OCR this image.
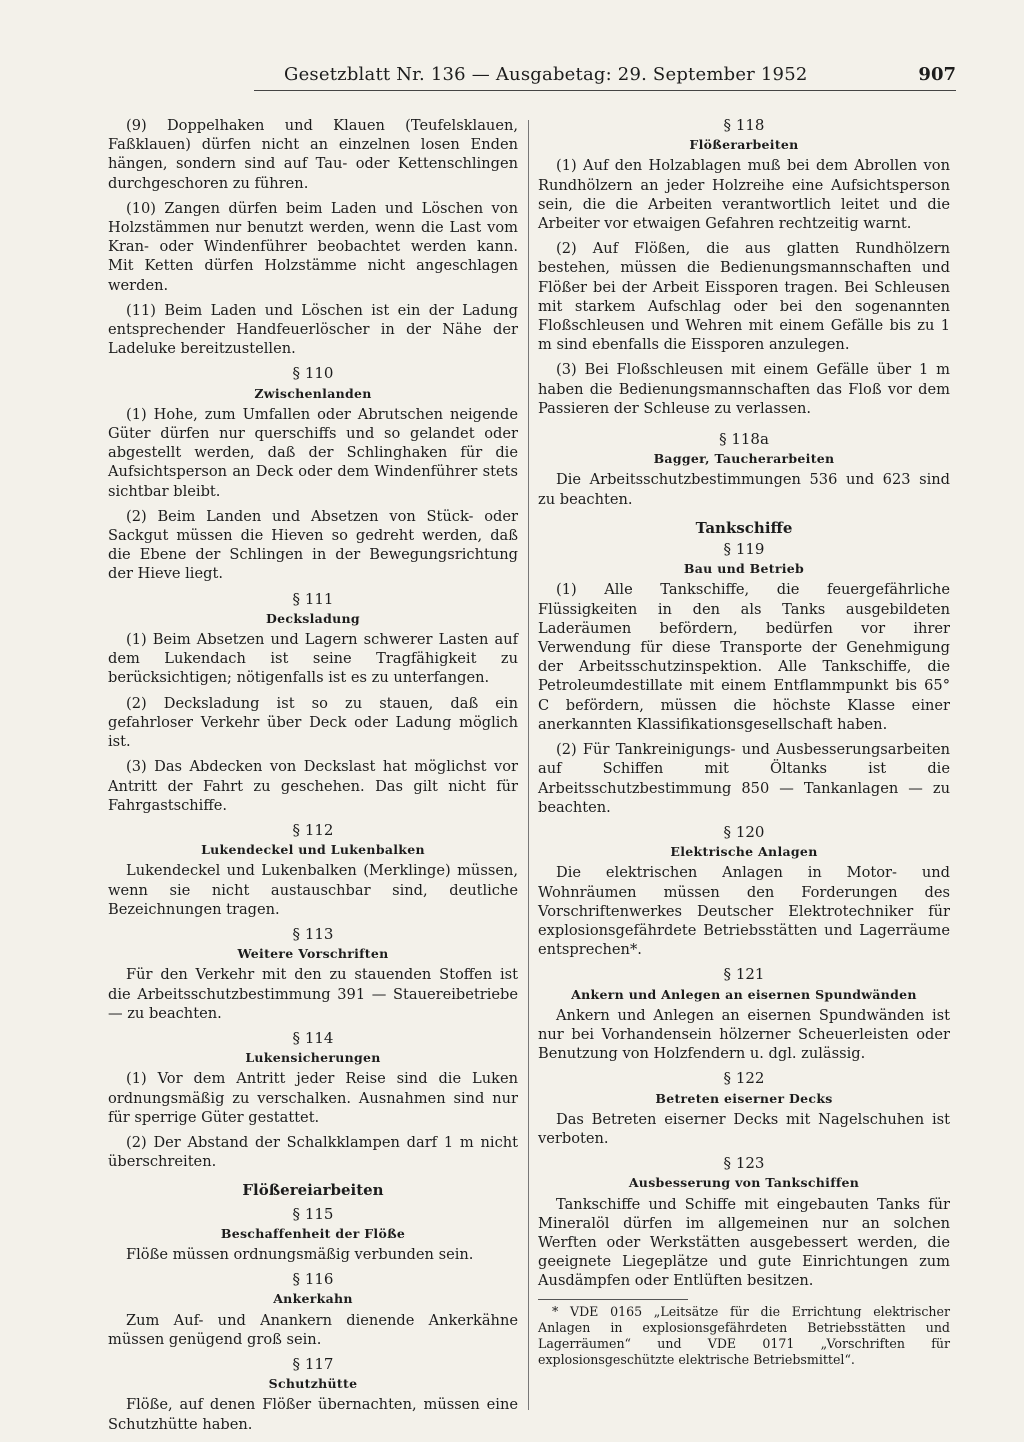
Gesetzblatt Nr. 136 — Ausgabetag: 29. September 1952	907

(9) Doppelhaken und Klauen (Teufelsklauen, Faßklauen) dürfen nicht an einzelnen losen Enden hängen, sondern sind auf Tau- oder Kettenschlingen durchgeschoren zu führen.

(10) Zangen dürfen beim Laden und Löschen von Holzstämmen nur benutzt werden, wenn die Last vom Kran- oder Windenführer beobachtet werden kann. Mit Ketten dürfen Holzstämme nicht angeschlagen werden.

(11) Beim Laden und Löschen ist ein der Ladung entsprechender Handfeuerlöscher in der Nähe der Ladeluke bereitzustellen.

§ 110
Zwischenlanden

(1) Hohe, zum Umfallen oder Abrutschen neigende Güter dürfen nur querschiffs und so gelandet oder abgestellt werden, daß der Schlinghaken für die Aufsichtsperson an Deck oder dem Windenführer stets sichtbar bleibt.

(2) Beim Landen und Absetzen von Stück- oder Sackgut müssen die Hieven so gedreht werden, daß die Ebene der Schlingen in der Bewegungsrichtung der Hieve liegt.

§ 111
Decksladung

(1) Beim Absetzen und Lagern schwerer Lasten auf dem Lukendach ist seine Tragfähigkeit zu berücksichtigen; nötigenfalls ist es zu unterfangen.

(2) Decksladung ist so zu stauen, daß ein gefahrloser Verkehr über Deck oder Ladung möglich ist.

(3) Das Abdecken von Deckslast hat möglichst vor Antritt der Fahrt zu geschehen. Das gilt nicht für Fahrgastschiffe.

§ 112
Lukendeckel und Lukenbalken

Lukendeckel und Lukenbalken (Merklinge) müssen, wenn sie nicht austauschbar sind, deutliche Bezeichnungen tragen.

§ 113
Weitere Vorschriften

Für den Verkehr mit den zu stauenden Stoffen ist die Arbeitsschutzbestimmung 391 — Stauereibetriebe — zu beachten.

§ 114
Lukensicherungen

(1) Vor dem Antritt jeder Reise sind die Luken ordnungsmäßig zu verschalken. Ausnahmen sind nur für sperrige Güter gestattet.

(2) Der Abstand der Schalkklampen darf 1 m nicht überschreiten.

Flößereiarbeiten
§ 115
Beschaffenheit der Flöße

Flöße müssen ordnungsmäßig verbunden sein.

§ 116
Ankerkahn

Zum Auf- und Anankern dienende Ankerkähne müssen genügend groß sein.

§ 117
Schutzhütte

Flöße, auf denen Flößer übernachten, müssen eine Schutzhütte haben.

§ 118
Flößerarbeiten

(1) Auf den Holzablagen muß bei dem Abrollen von Rundhölzern an jeder Holzreihe eine Aufsichtsperson sein, die die Arbeiten verantwortlich leitet und die Arbeiter vor etwaigen Gefahren rechtzeitig warnt.

(2) Auf Flößen, die aus glatten Rundhölzern bestehen, müssen die Bedienungsmannschaften und Flößer bei der Arbeit Eissporen tragen. Bei Schleusen mit starkem Aufschlag oder bei den sogenannten Floßschleusen und Wehren mit einem Gefälle bis zu 1 m sind ebenfalls die Eissporen anzulegen.

(3) Bei Floßschleusen mit einem Gefälle über 1 m haben die Bedienungsmannschaften das Floß vor dem Passieren der Schleuse zu verlassen.

§ 118a
Bagger, Taucherarbeiten

Die Arbeitsschutzbestimmungen 536 und 623 sind zu beachten.

Tankschiffe
§ 119
Bau und Betrieb

(1) Alle Tankschiffe, die feuergefährliche Flüssigkeiten in den als Tanks ausgebildeten Laderäumen befördern, bedürfen vor ihrer Verwendung für diese Transporte der Genehmigung der Arbeitsschutzinspektion. Alle Tankschiffe, die Petroleumdestillate mit einem Entflammpunkt bis 65° C befördern, müssen die höchste Klasse einer anerkannten Klassifikationsgesellschaft haben.

(2) Für Tankreinigungs- und Ausbesserungsarbeiten auf Schiffen mit Öltanks ist die Arbeitsschutzbestimmung 850 — Tankanlagen — zu beachten.

§ 120
Elektrische Anlagen

Die elektrischen Anlagen in Motor- und Wohnräumen müssen den Forderungen des Vorschriftenwerkes Deutscher Elektrotechniker für explosionsgefährdete Betriebsstätten und Lagerräume entsprechen*.

§ 121
Ankern und Anlegen an eisernen Spundwänden

Ankern und Anlegen an eisernen Spundwänden ist nur bei Vorhandensein hölzerner Scheuerleisten oder Benutzung von Holzfendern u. dgl. zulässig.

§ 122
Betreten eiserner Decks

Das Betreten eiserner Decks mit Nagelschuhen ist verboten.

§ 123
Ausbesserung von Tankschiffen

Tankschiffe und Schiffe mit eingebauten Tanks für Mineralöl dürfen im allgemeinen nur an solchen Werften oder Werkstätten ausgebessert werden, die geeignete Liegeplätze und gute Einrichtungen zum Ausdämpfen oder Entlüften besitzen.

* VDE 0165 „Leitsätze für die Errichtung elektrischer Anlagen in explosionsgefährdeten Betriebsstätten und Lagerräumen“ und VDE 0171 „Vorschriften für explosionsgeschützte elektrische Betriebsmittel“.
